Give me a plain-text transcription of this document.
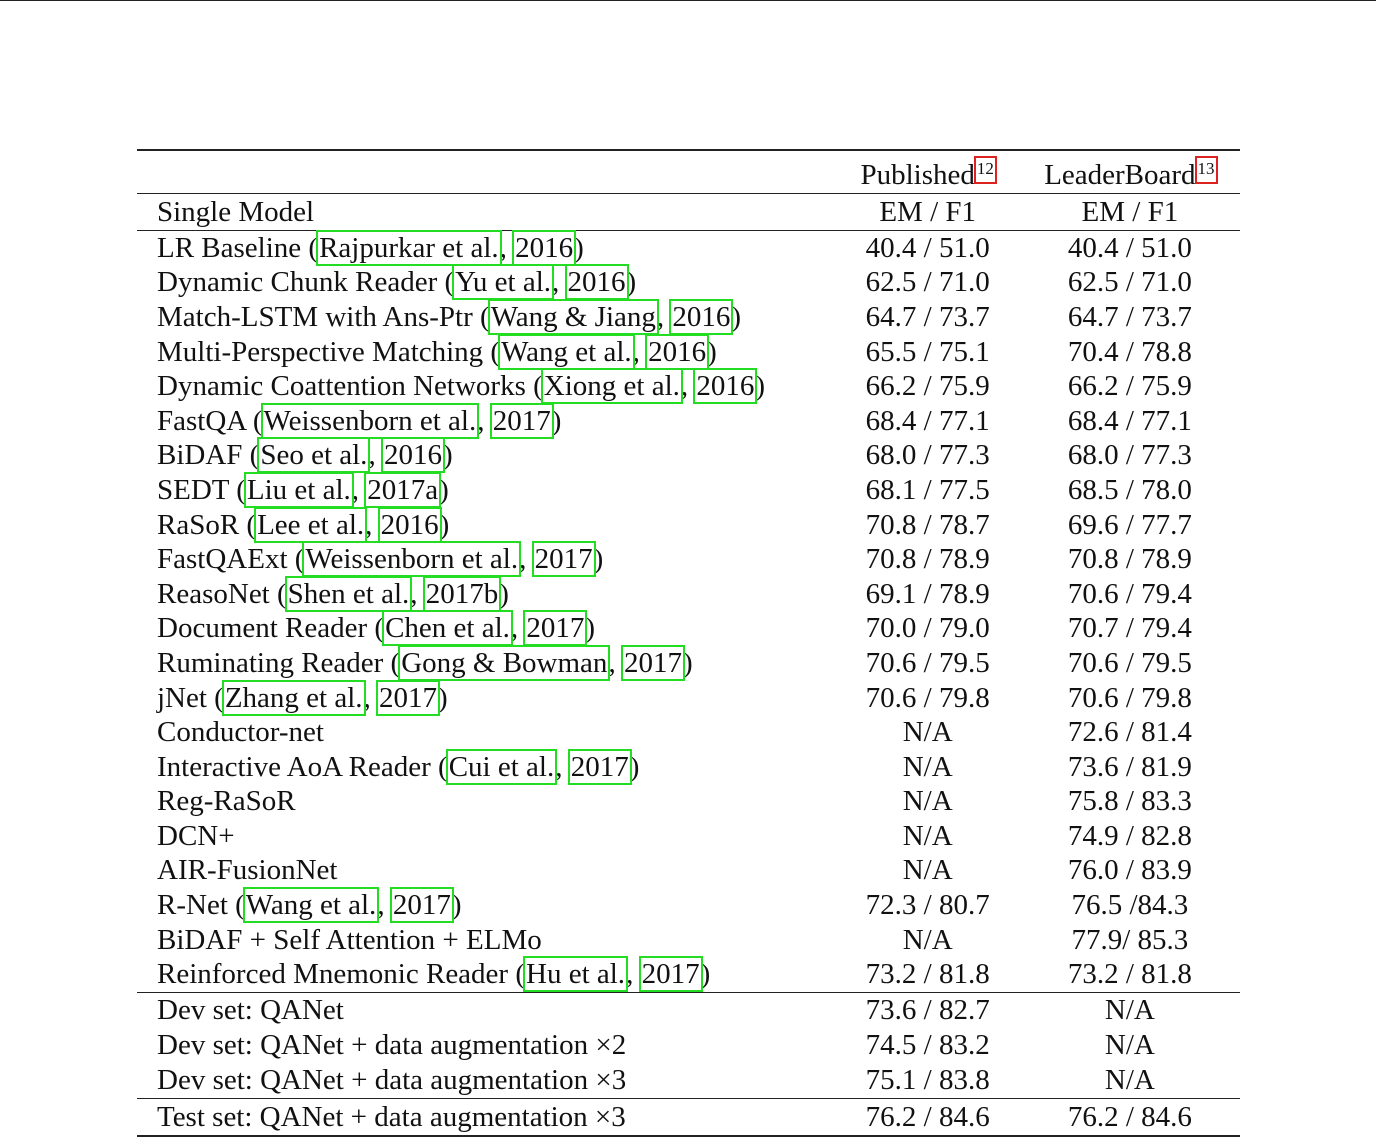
	Published 12	LeaderBoard 13
Single Model	EM / F1	EM / F1
LR Baseline (Rajpurkar et al., 2016)	40.4 / 51.0	40.4 / 51.0
Dynamic Chunk Reader (Yu et al., 2016)	62.5 / 71.0	62.5 / 71.0
Match-LSTM with Ans-Ptr (Wang & Jiang, 2016)	64.7 / 73.7	64.7 / 73.7
Multi-Perspective Matching (Wang et al., 2016)	65.5 / 75.1	70.4 / 78.8
Dynamic Coattention Networks (Xiong et al., 2016)	66.2 / 75.9	66.2 / 75.9
FastQA (Weissenborn et al., 2017)	68.4 / 77.1	68.4 / 77.1
BiDAF (Seo et al., 2016)	68.0 / 77.3	68.0 / 77.3
SEDT (Liu et al., 2017a)	68.1 / 77.5	68.5 / 78.0
RaSoR (Lee et al., 2016)	70.8 / 78.7	69.6 / 77.7
FastQAExt (Weissenborn et al., 2017)	70.8 / 78.9	70.8 / 78.9
ReasoNet (Shen et al., 2017b)	69.1 / 78.9	70.6 / 79.4
Document Reader (Chen et al., 2017)	70.0 / 79.0	70.7 / 79.4
Ruminating Reader (Gong & Bowman, 2017)	70.6 / 79.5	70.6 / 79.5
jNet (Zhang et al., 2017)	70.6 / 79.8	70.6 / 79.8
Conductor-net	N/A	72.6 / 81.4
Interactive AoA Reader (Cui et al., 2017)	N/A	73.6 / 81.9
Reg-RaSoR	N/A	75.8 / 83.3
DCN+	N/A	74.9 / 82.8
AIR-FusionNet	N/A	76.0 / 83.9
R-Net (Wang et al., 2017)	72.3 / 80.7	76.5 /84.3
BiDAF + Self Attention + ELMo	N/A	77.9/ 85.3
Reinforced Mnemonic Reader (Hu et al., 2017)	73.2 / 81.8	73.2 / 81.8
Dev set: QANet	73.6 / 82.7	N/A
Dev set: QANet + data augmentation ×2	74.5 / 83.2	N/A
Dev set: QANet + data augmentation ×3	75.1 / 83.8	N/A
Test set: QANet + data augmentation ×3	76.2 / 84.6	76.2 / 84.6
